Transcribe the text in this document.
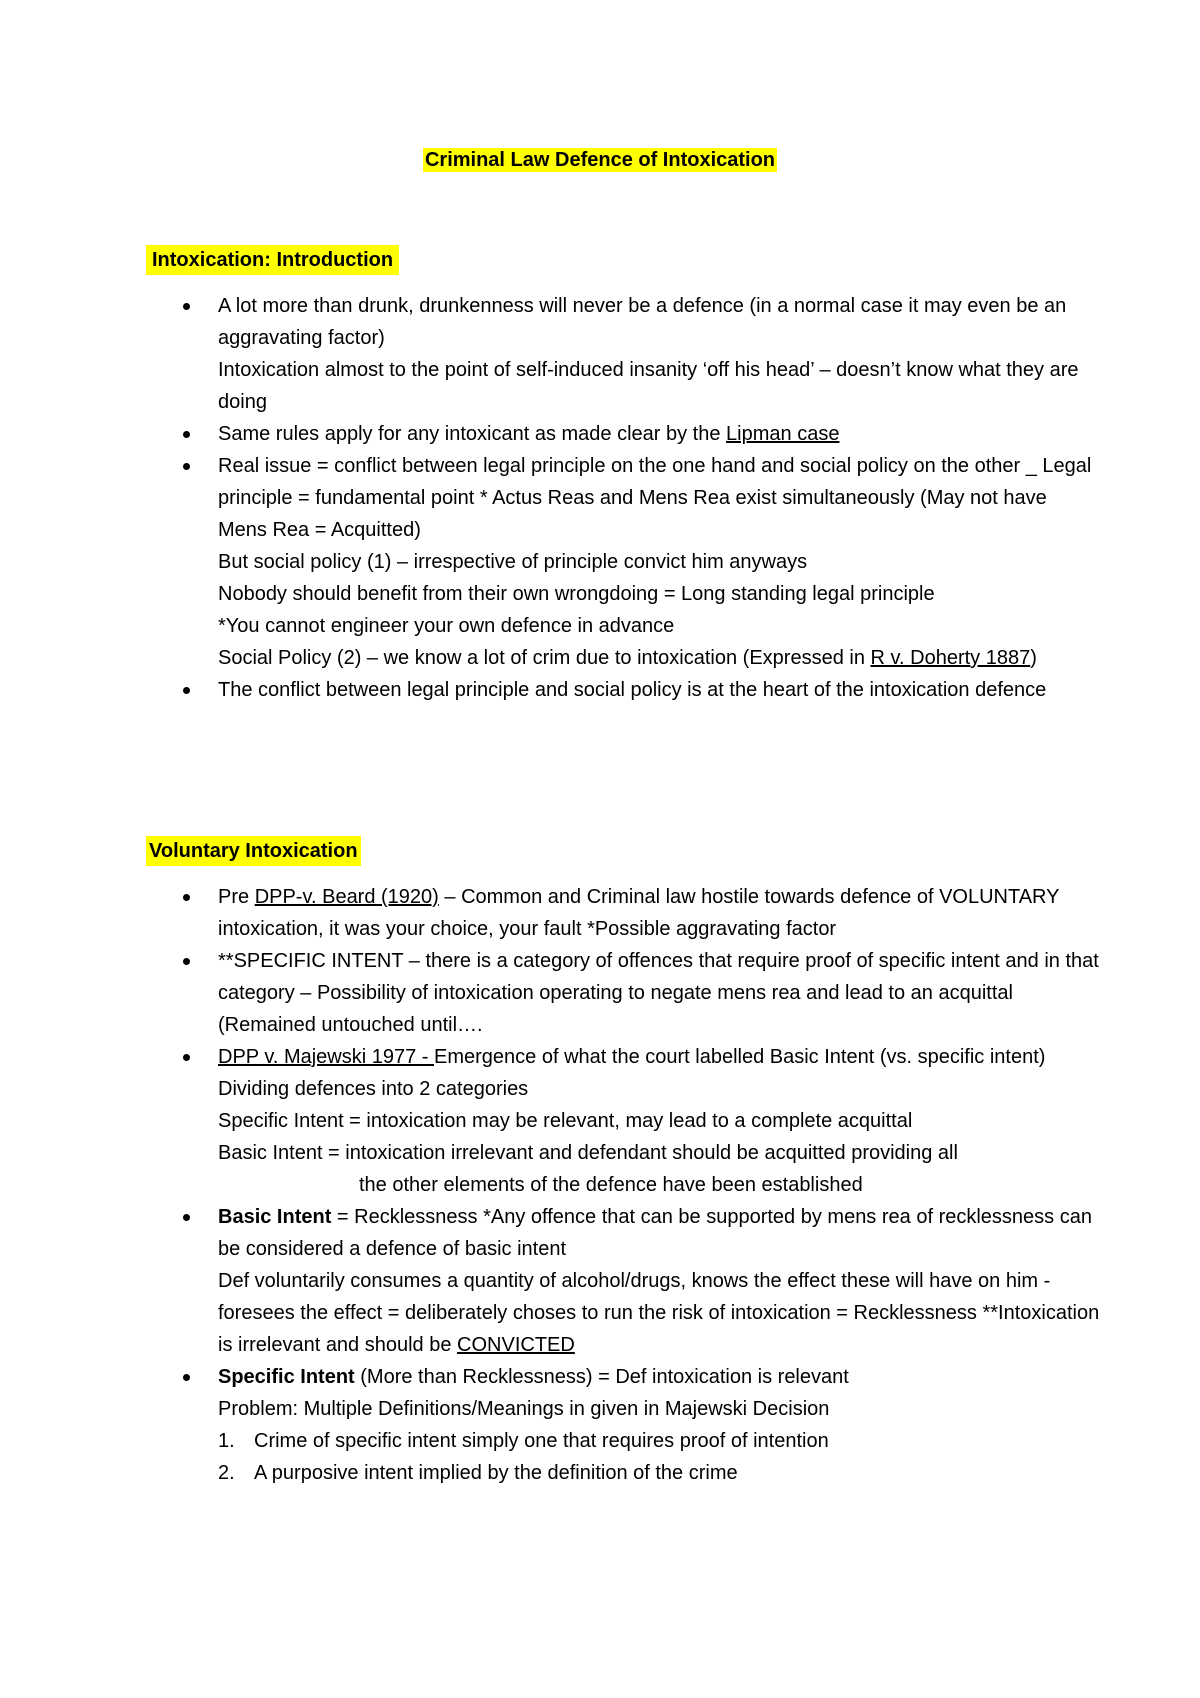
Criminal Law Defence of Intoxication
Intoxication: Introduction
A lot more than drunk, drunkenness will never be a defence (in a normal case it may even be an aggravating factor)
Intoxication almost to the point of self-induced insanity ‘off his head’ – doesn’t know what they are doing
Same rules apply for any intoxicant as made clear by the Lipman case
Real issue = conflict between legal principle on the one hand and social policy on the other _ Legal principle = fundamental point * Actus Reas and Mens Rea exist simultaneously (May not have Mens Rea = Acquitted)
But social policy (1) – irrespective of principle convict him anyways
Nobody should benefit from their own wrongdoing = Long standing legal principle
*You cannot engineer your own defence in advance
Social Policy (2) – we know a lot of crim due to intoxication (Expressed in R v. Doherty 1887)
The conflict between legal principle and social policy is at the heart of the intoxication defence
Voluntary Intoxication
Pre DPP-v. Beard (1920) – Common and Criminal law hostile towards defence of VOLUNTARY intoxication, it was your choice, your fault *Possible aggravating factor
**SPECIFIC INTENT – there is a category of offences that require proof of specific intent and in that category – Possibility of intoxication operating to negate mens rea and lead to an acquittal (Remained untouched until….
DPP v. Majewski 1977 - Emergence of what the court labelled Basic Intent (vs. specific intent) Dividing defences into 2 categories
Specific Intent = intoxication may be relevant, may lead to a complete acquittal
Basic Intent = intoxication irrelevant and defendant should be acquitted providing all
the other elements of the defence have been established
Basic Intent = Recklessness *Any offence that can be supported by mens rea of recklessness can be considered a defence of basic intent
Def voluntarily consumes a quantity of alcohol/drugs, knows the effect these will have on him - foresees the effect = deliberately choses to run the risk of intoxication = Recklessness **Intoxication is irrelevant and should be CONVICTED
Specific Intent (More than Recklessness) = Def intoxication is relevant
Problem: Multiple Definitions/Meanings in given in Majewski Decision
1. Crime of specific intent simply one that requires proof of intention
2. A purposive intent implied by the definition of the crime
